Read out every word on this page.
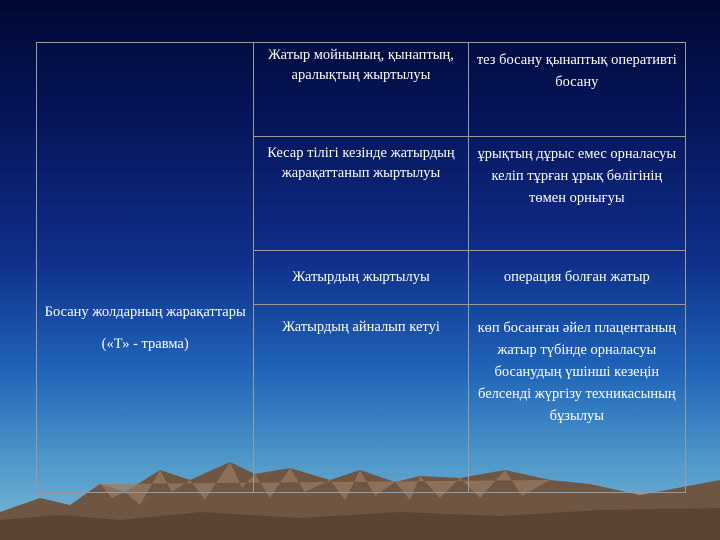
Босану жолдарның жарақаттары
(«Т» - травма)	Жатыр мойнының, қынаптың, аралықтың жыртылуы	тез босану қынаптық оперативті босану
	Кесар тілігі кезінде жатырдың жарақаттанып жыртылуы	ұрықтың дұрыс емес орналасуы келіп тұрған ұрық бөлігінің төмен орнығуы
	Жатырдың жыртылуы	операция болған жатыр
	Жатырдың айналып кетуі	көп босанған әйел плацентаның жатыр түбінде орналасуы босанудың үшінші кезеңін белсенді жүргізу техникасының бұзылуы
